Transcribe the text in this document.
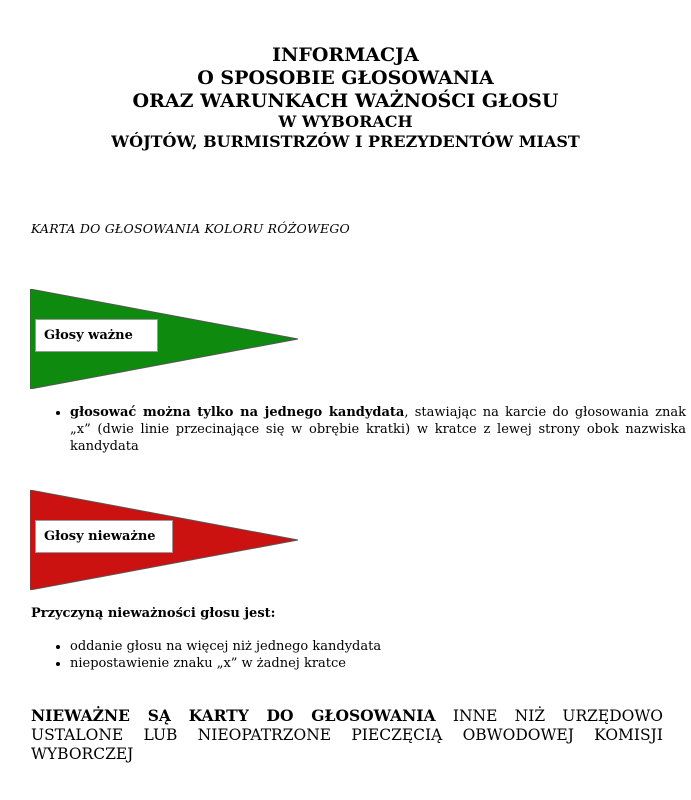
INFORMACJA
O SPOSOBIE GŁOSOWANIA
ORAZ WARUNKACH WAŻNOŚCI GŁOSU
W WYBORACH
WÓJTÓW, BURMISTRZÓW I PREZYDENTÓW MIAST
KARTA DO GŁOSOWANIA KOLORU RÓŻOWEGO
Głosy ważne
• głosować można tylko na jednego kandydata, stawiając na karcie do głosowania znak „x” (dwie linie przecinające się w obrębie kratki) w kratce z lewej strony obok nazwiska kandydata
Głosy nieważne
Przyczyną nieważności głosu jest:
• oddanie głosu na więcej niż jednego kandydata
• niepostawienie znaku „x” w żadnej kratce
NIEWAŻNE SĄ KARTY DO GŁOSOWANIA INNE NIŻ URZĘDOWO USTALONE LUB NIEOPATRZONE PIECZĘCIĄ OBWODOWEJ KOMISJI WYBORCZEJ
